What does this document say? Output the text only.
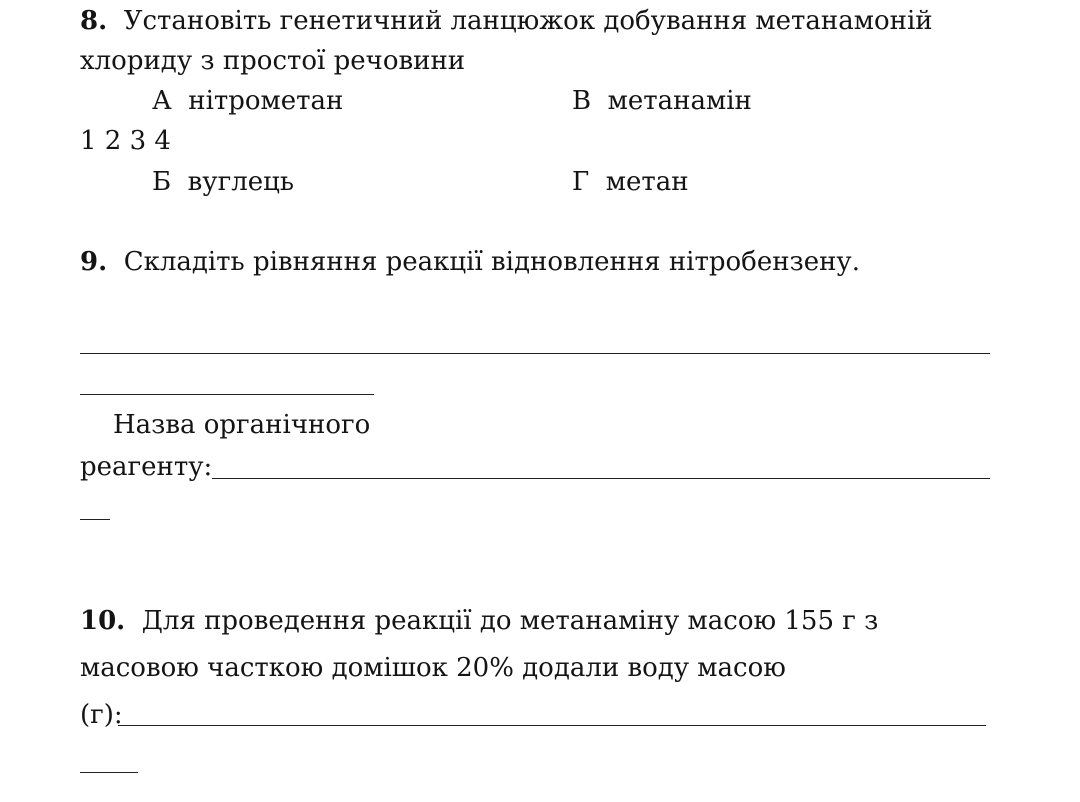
8. Установіть генетичний ланцюжок добування метанамоній
хлориду з простої речовини
А нітрометан	В метанамін
1 2 3 4
Б вуглець	Г метан
9. Складіть рівняння реакції відновлення нітробензену.
Назва органічного
реагенту:
10. Для проведення реакції до метанаміну масою 155 г з
масовою часткою домішок 20% додали воду масою
(г):
